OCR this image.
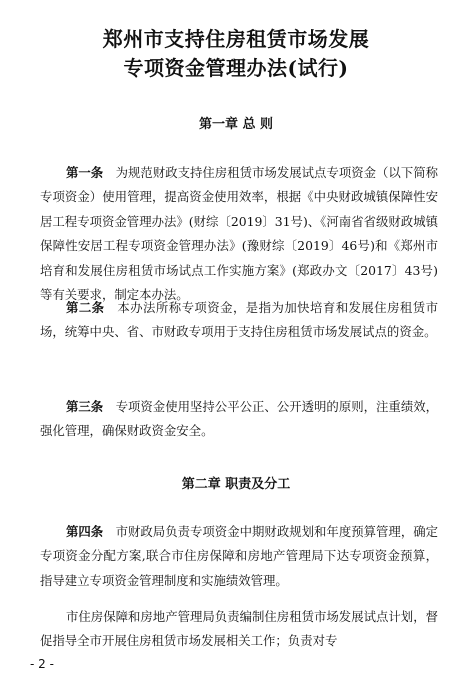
郑州市支持住房租赁市场发展
专项资金管理办法(试行)
第一章 总 则
第一条　 为规范财政支持住房租赁市场发展试点专项资金（以下简称专项资金）使用管理，提高资金使用效率，根据《中央财政城镇保障性安居工程专项资金管理办法》(财综〔2019〕31号)、《河南省省级财政城镇保障性安居工程专项资金管理办法》(豫财综〔2019〕46号)和《郑州市培育和发展住房租赁市场试点工作实施方案》(郑政办文〔2017〕43号)等有关要求，制定本办法。
第二条　 本办法所称专项资金，是指为加快培育和发展住房租赁市场，统筹中央、省、市财政专项用于支持住房租赁市场发展试点的资金。
第三条　 专项资金使用坚持公平公正、公开透明的原则，注重绩效，强化管理，确保财政资金安全。
第二章 职责及分工
第四条　 市财政局负责专项资金中期财政规划和年度预算管理，确定专项资金分配方案,联合市住房保障和房地产管理局下达专项资金预算，指导建立专项资金管理制度和实施绩效管理。
市住房保障和房地产管理局负责编制住房租赁市场发展试点计划，督促指导全市开展住房租赁市场发展相关工作；负责对专
- 2 -
